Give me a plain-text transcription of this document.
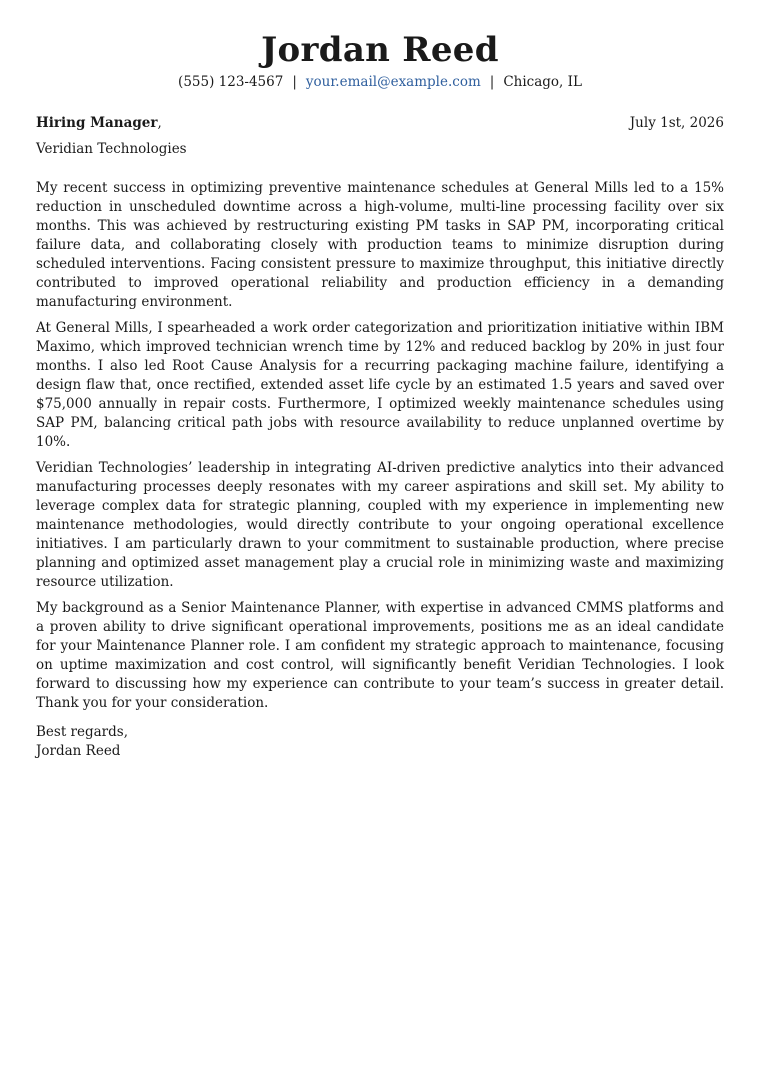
Jordan Reed
(555) 123-4567 | your.email@example.com | Chicago, IL
Hiring Manager,	July 1st, 2026
Veridian Technologies

My recent success in optimizing preventive maintenance schedules at General Mills led to a 15% reduction in unscheduled downtime across a high-volume, multi-line processing facility over six months. This was achieved by restructuring existing PM tasks in SAP PM, incorporating critical failure data, and collaborating closely with production teams to minimize disruption during scheduled interventions. Facing consistent pressure to maximize throughput, this initiative directly contributed to improved operational reliability and production efficiency in a demanding manufacturing environment.

At General Mills, I spearheaded a work order categorization and prioritization initiative within IBM Maximo, which improved technician wrench time by 12% and reduced backlog by 20% in just four months. I also led Root Cause Analysis for a recurring packaging machine failure, identifying a design flaw that, once rectified, extended asset life cycle by an estimated 1.5 years and saved over $75,000 annually in repair costs. Furthermore, I optimized weekly maintenance schedules using SAP PM, balancing critical path jobs with resource availability to reduce unplanned overtime by 10%.

Veridian Technologies’ leadership in integrating AI-driven predictive analytics into their advanced manufacturing processes deeply resonates with my career aspirations and skill set. My ability to leverage complex data for strategic planning, coupled with my experience in implementing new maintenance methodologies, would directly contribute to your ongoing operational excellence initiatives. I am particularly drawn to your commitment to sustainable production, where precise planning and optimized asset management play a crucial role in minimizing waste and maximizing resource utilization.

My background as a Senior Maintenance Planner, with expertise in advanced CMMS platforms and a proven ability to drive significant operational improvements, positions me as an ideal candidate for your Maintenance Planner role. I am confident my strategic approach to maintenance, focusing on uptime maximization and cost control, will significantly benefit Veridian Technologies. I look forward to discussing how my experience can contribute to your team’s success in greater detail. Thank you for your consideration.

Best regards,
Jordan Reed
